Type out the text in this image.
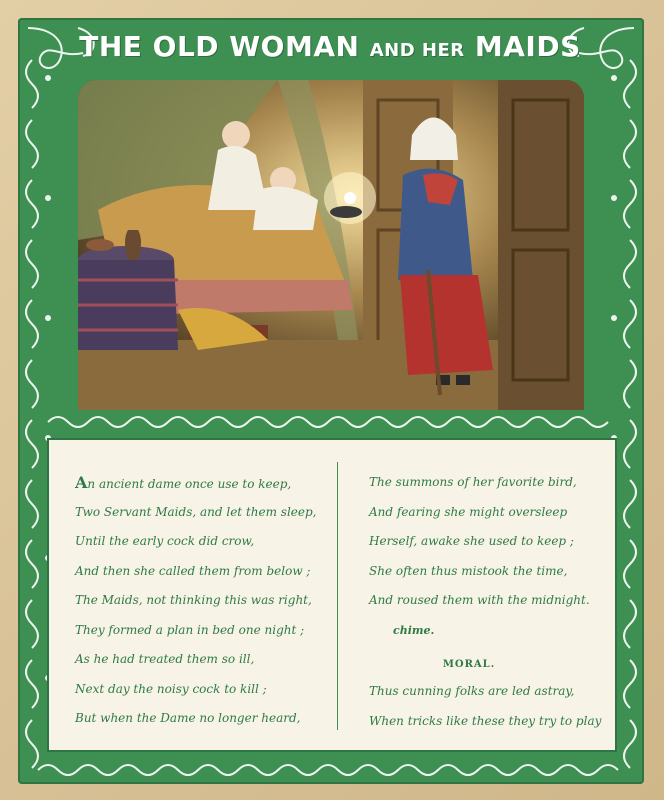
THE OLD WOMAN AND HER MAIDS
An ancient dame once use to keep,
Two Servant Maids, and let them sleep,
Until the early cock did crow,
And then she called them from below ;
The Maids, not thinking this was right,
They formed a plan in bed one night ;
As he had treated them so ill,
Next day the noisy cock to kill ;
But when the Dame no longer heard,
The summons of her favorite bird,
And fearing she might oversleep
Herself, awake she used to keep ;
She often thus mistook the time,
And roused them with the midnight.
chime.
MORAL.
Thus cunning folks are led astray,
When tricks like these they try to play
